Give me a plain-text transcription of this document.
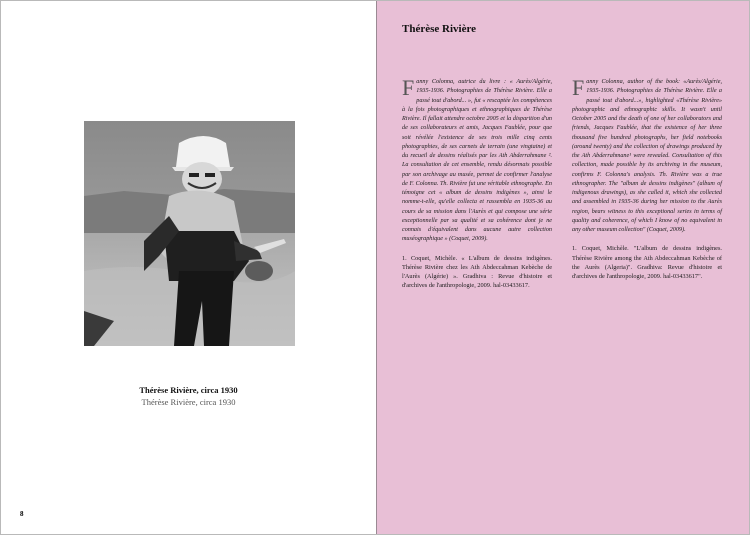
Thérèse Rivière, circa 1930
Thérèse Rivière, circa 1930
8
Thérèse Rivière

Fanny Colonna, autrice du livre : « Aurès/Algérie, 1935-1936. Photographies de Thérèse Rivière. Elle a passé tout d'abord... », fut « rescaptée les compétences à la fois photographiques et ethnographiques de Thérèse Rivière. Il fallait attendre octobre 2005 et la disparition d'un de ses collaborateurs et amis, Jacques Faublée, pour que soit révélée l'existence de ses trois mille cinq cents photographies, de ses carnets de terrain (une vingtaine) et du recueil de dessins réalisés par les Ath Abderrahmane ². La consultation de cet ensemble, rendu désormais possible par son archivage au musée, permet de confirmer l'analyse de F. Colonna. Th. Rivière fut une véritable ethnographe. En témoigne cet « album de dessins indigènes », ainsi le nomme-t-elle, qu'elle collecta et rassembla en 1935-36 au cours de sa mission dans l'Aurès et qui compose une série exceptionnelle par sa qualité et sa cohérence dont je ne connais d'équivalent dans aucune autre collection muséographique » (Coquet, 2009).

1. Coquet, Michèle. « L'album de dessins indigènes. Thérèse Rivière chez les Ath Abdeccahman Kebèche de l'Aurès (Algérie) ». Gradhiva : Revue d'histoire et d'archives de l'anthropologie, 2009. hal-03433617.

Fanny Colonna, author of the book: «Aurès/Algérie, 1935-1936. Photographies de Thérèse Rivière. Elle a passé tout d'abord...», highlighted «Thérèse Rivière» photographic and ethnographic skills. It wasn't until October 2005 and the death of one of her collaborators and friends, Jacques Faublée, that the existence of her three thousand five hundred photographs, her field notebooks (around twenty) and the collection of drawings produced by the Ath Abderrahmane¹ were revealed. Consultation of this collection, made possible by its archiving in the museum, confirms F. Colonna's analysis. Th. Rivière was a true ethnographer. The "album de dessins indigènes" (album of indigenous drawings), as she called it, which she collected and assembled in 1935-36 during her mission to the Aurès region, bears witness to this exceptional series in terms of quality and coherence, of which I know of no equivalent in any other museum collection" (Coquet, 2009).

1. Coquet, Michèle. "L'album de dessins indigènes. Thérèse Rivière among the Ath Abdeccahman Kebèche of the Aurès (Algeria)". Gradhiva: Revue d'histoire et d'archives de l'anthropologie, 2009. hal-03433617".
